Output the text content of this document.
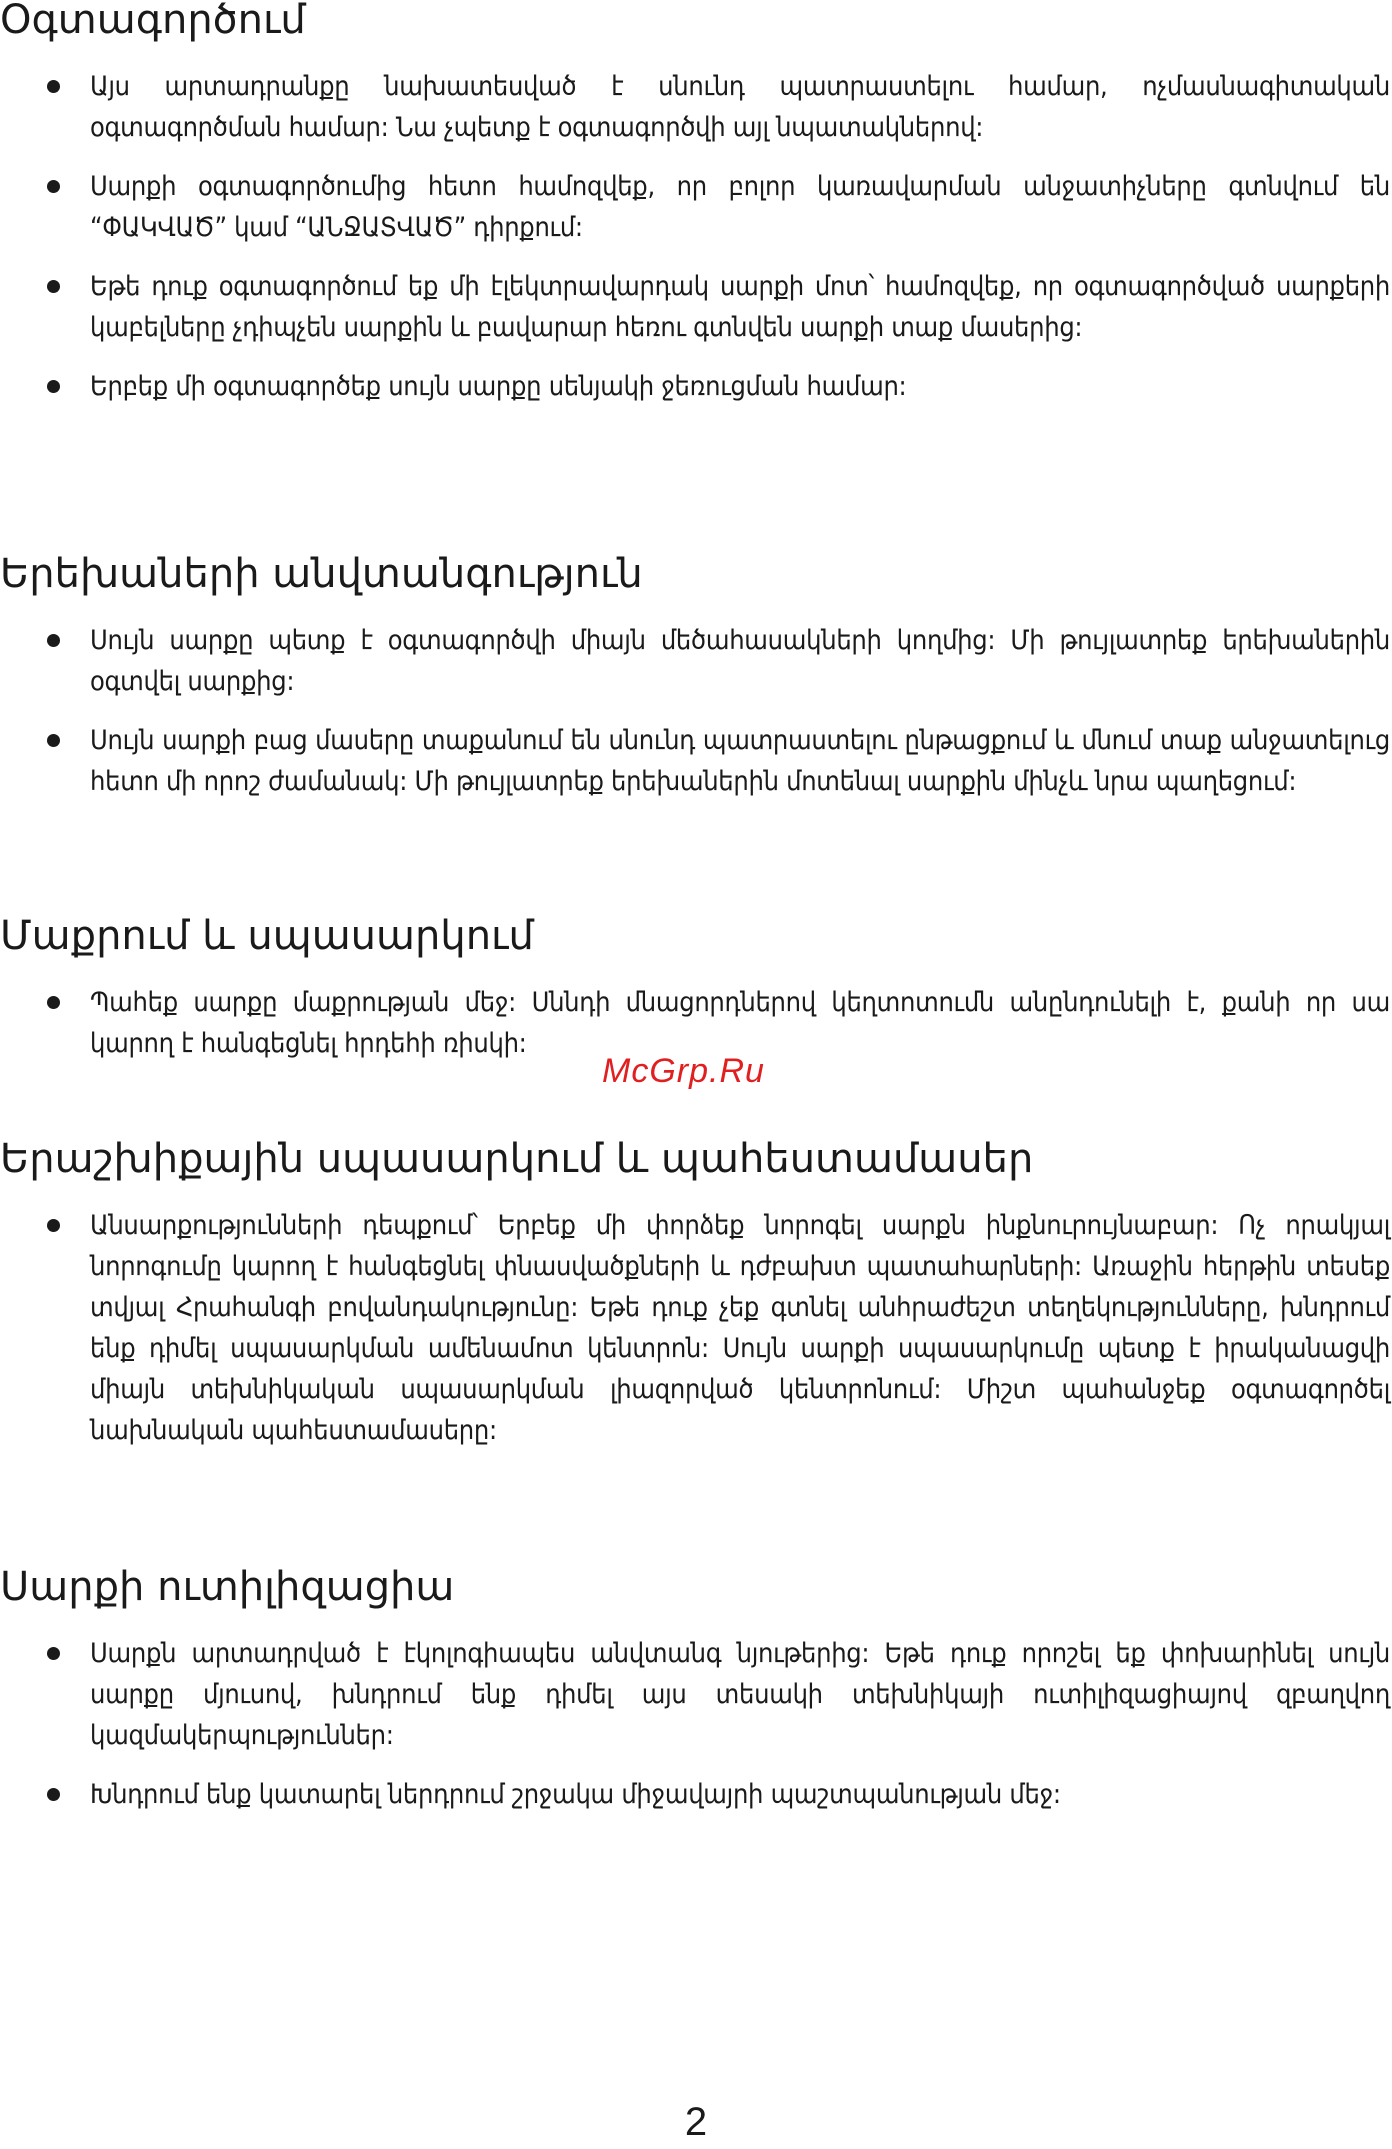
Օգտագործում
Այս արտադրանքը նախատեսված է սնունդ պատրաստելու համար, ոչմասնագիտական օգտագործման համար: Նա չպետք է օգտագործվի այլ նպատակներով:
Սարքի օգտագործումից հետո համոզվեք, որ բոլոր կառավարման անջատիչները գտնվում են “ՓԱԿՎԱԾ” կամ “ԱՆՋԱՏՎԱԾ” դիրքում:
Եթե դուք օգտագործում եք մի էլեկտրավարդակ սարքի մոտ՝ համոզվեք, որ օգտագործված սարքերի կաբելները չդիպչեն սարքին և բավարար հեռու գտնվեն սարքի տաք մասերից:
Երբեք մի օգտագործեք սույն սարքը սենյակի ջեռուցման համար:
Երեխաների անվտանգություն
Սույն սարքը պետք է օգտագործվի միայն մեծահասակների կողմից: Մի թույլատրեք երեխաներին օգտվել սարքից:
Սույն սարքի բաց մասերը տաքանում են սնունդ պատրաստելու ընթացքում և մնում տաք անջատելուց հետո մի որոշ ժամանակ: Մի թույլատրեք երեխաներին մոտենալ սարքին մինչև նրա պաղեցում:
Մաքրում և սպասարկում
Պահեք սարքը մաքրության մեջ: Սննդի մնացորդներով կեղտոտումն անընդունելի է, քանի որ սա կարող է հանգեցնել հրդեհի ռիսկի:
Երաշխիքային սպասարկում և պահեստամասեր
Անսարքությունների դեպքում՝ Երբեք մի փորձեք նորոգել սարքն ինքնուրույնաբար: Ոչ որակյալ նորոգումը կարող է հանգեցնել փնասվածքների և դժբախտ պատահարների: Առաջին հերթին տեսեք տվյալ Հրահանգի բովանդակությունը: Եթե դուք չեք գտնել անհրաժեշտ տեղեկությունները, խնդրում ենք դիմել սպասարկման ամենամոտ կենտրոն: Սույն սարքի սպասարկումը պետք է իրականացվի միայն տեխնիկական սպասարկման լիազորված կենտրոնում: Միշտ պահանջեք օգտագործել նախնական պահեստամասերը:
Սարքի ուտիլիզացիա
Սարքն արտադրված է էկոլոգիապես անվտանգ նյութերից: Եթե դուք որոշել եք փոխարինել սույն սարքը մյուսով, խնդրում ենք դիմել այս տեսակի տեխնիկայի ուտիլիզացիայով զբաղվող կազմակերպություններ:
Խնդրում ենք կատարել ներդրում շրջակա միջավայրի պաշտպանության մեջ:
McGrp.Ru
2
